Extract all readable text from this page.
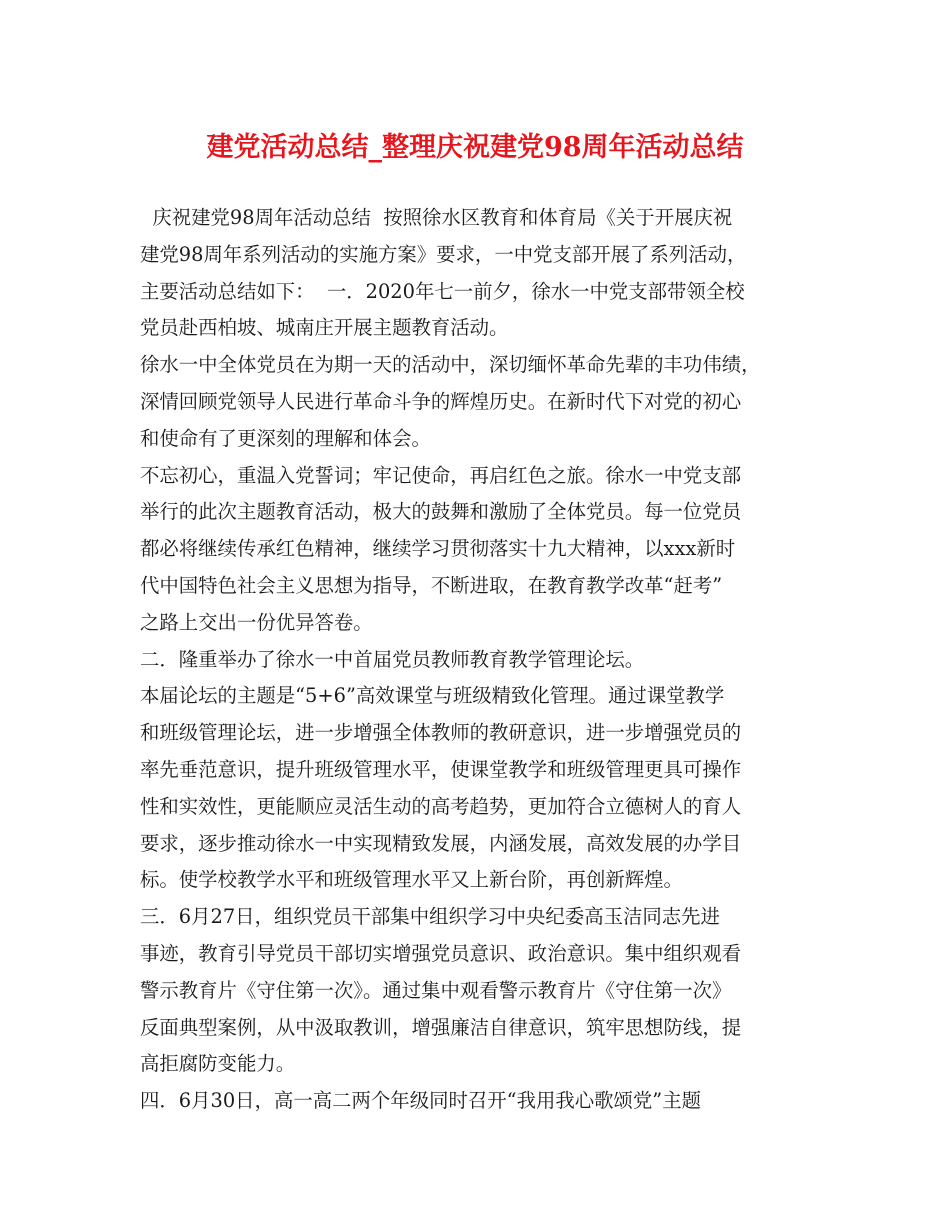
建党活动总结_整理庆祝建党98周年活动总结
庆祝建党98周年活动总结  按照徐水区教育和体育局《关于开展庆祝
建党98周年系列活动的实施方案》要求，一中党支部开展了系列活动，
主要活动总结如下：  一．2020年七一前夕，徐水一中党支部带领全校
党员赴西柏坡、城南庄开展主题教育活动。
徐水一中全体党员在为期一天的活动中，深切缅怀革命先辈的丰功伟绩，
深情回顾党领导人民进行革命斗争的辉煌历史。在新时代下对党的初心
和使命有了更深刻的理解和体会。
不忘初心，重温入党誓词；牢记使命，再启红色之旅。徐水一中党支部
举行的此次主题教育活动，极大的鼓舞和激励了全体党员。每一位党员
都必将继续传承红色精神，继续学习贯彻落实十九大精神，以xxx新时
代中国特色社会主义思想为指导，不断进取，在教育教学改革“赶考”
之路上交出一份优异答卷。
二．隆重举办了徐水一中首届党员教师教育教学管理论坛。
本届论坛的主题是“5+6”高效课堂与班级精致化管理。通过课堂教学
和班级管理论坛，进一步增强全体教师的教研意识，进一步增强党员的
率先垂范意识，提升班级管理水平，使课堂教学和班级管理更具可操作
性和实效性，更能顺应灵活生动的高考趋势，更加符合立德树人的育人
要求，逐步推动徐水一中实现精致发展，内涵发展，高效发展的办学目
标。使学校教学水平和班级管理水平又上新台阶，再创新辉煌。
三．6月27日，组织党员干部集中组织学习中央纪委高玉洁同志先进
事迹，教育引导党员干部切实增强党员意识、政治意识。集中组织观看
警示教育片《守住第一次》。通过集中观看警示教育片《守住第一次》
反面典型案例，从中汲取教训，增强廉洁自律意识，筑牢思想防线，提
高拒腐防变能力。
四．6月30日，高一高二两个年级同时召开“我用我心歌颂党”主题
